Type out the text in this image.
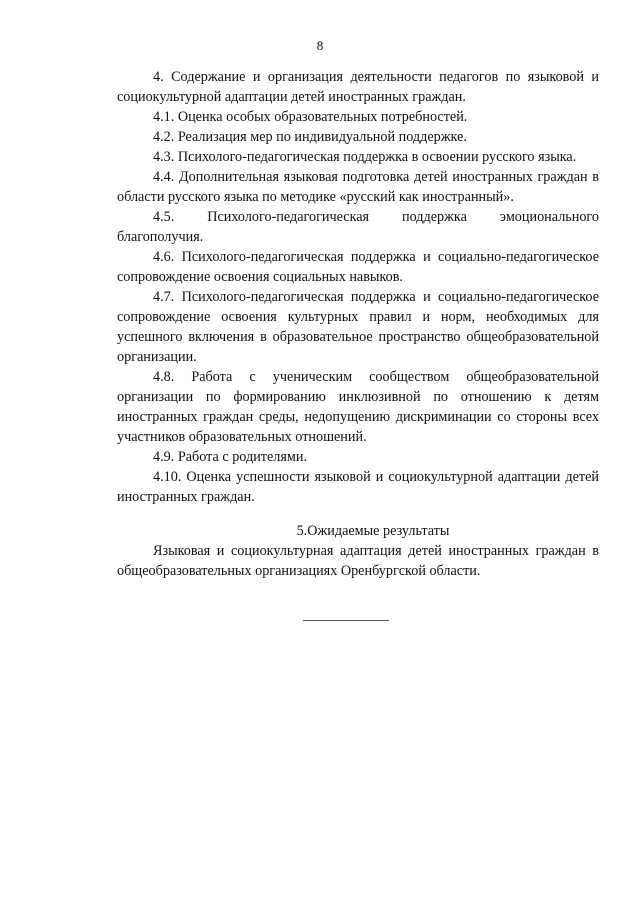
8

4. Содержание и организация деятельности педагогов по языковой и социокультурной адаптации детей иностранных граждан.

4.1. Оценка особых образовательных потребностей.

4.2. Реализация мер по индивидуальной поддержке.

4.3. Психолого-педагогическая поддержка в освоении русского языка.

4.4. Дополнительная языковая подготовка детей иностранных граждан в области русского языка по методике «русский как иностранный».

4.5. Психолого-педагогическая поддержка эмоционального благополучия.

4.6. Психолого-педагогическая поддержка и социально-педагогическое сопровождение освоения социальных навыков.

4.7. Психолого-педагогическая поддержка и социально-педагогическое сопровождение освоения культурных правил и норм, необходимых для успешного включения в образовательное пространство общеобразовательной организации.

4.8. Работа с ученическим сообществом общеобразовательной организации по формированию инклюзивной по отношению к детям иностранных граждан среды, недопущению дискриминации со стороны всех участников образовательных отношений.

4.9. Работа с родителями.

4.10. Оценка успешности языковой и социокультурной адаптации детей иностранных граждан.

5.Ожидаемые результаты

Языковая и социокультурная адаптация детей иностранных граждан в общеобразовательных организациях Оренбургской области.
